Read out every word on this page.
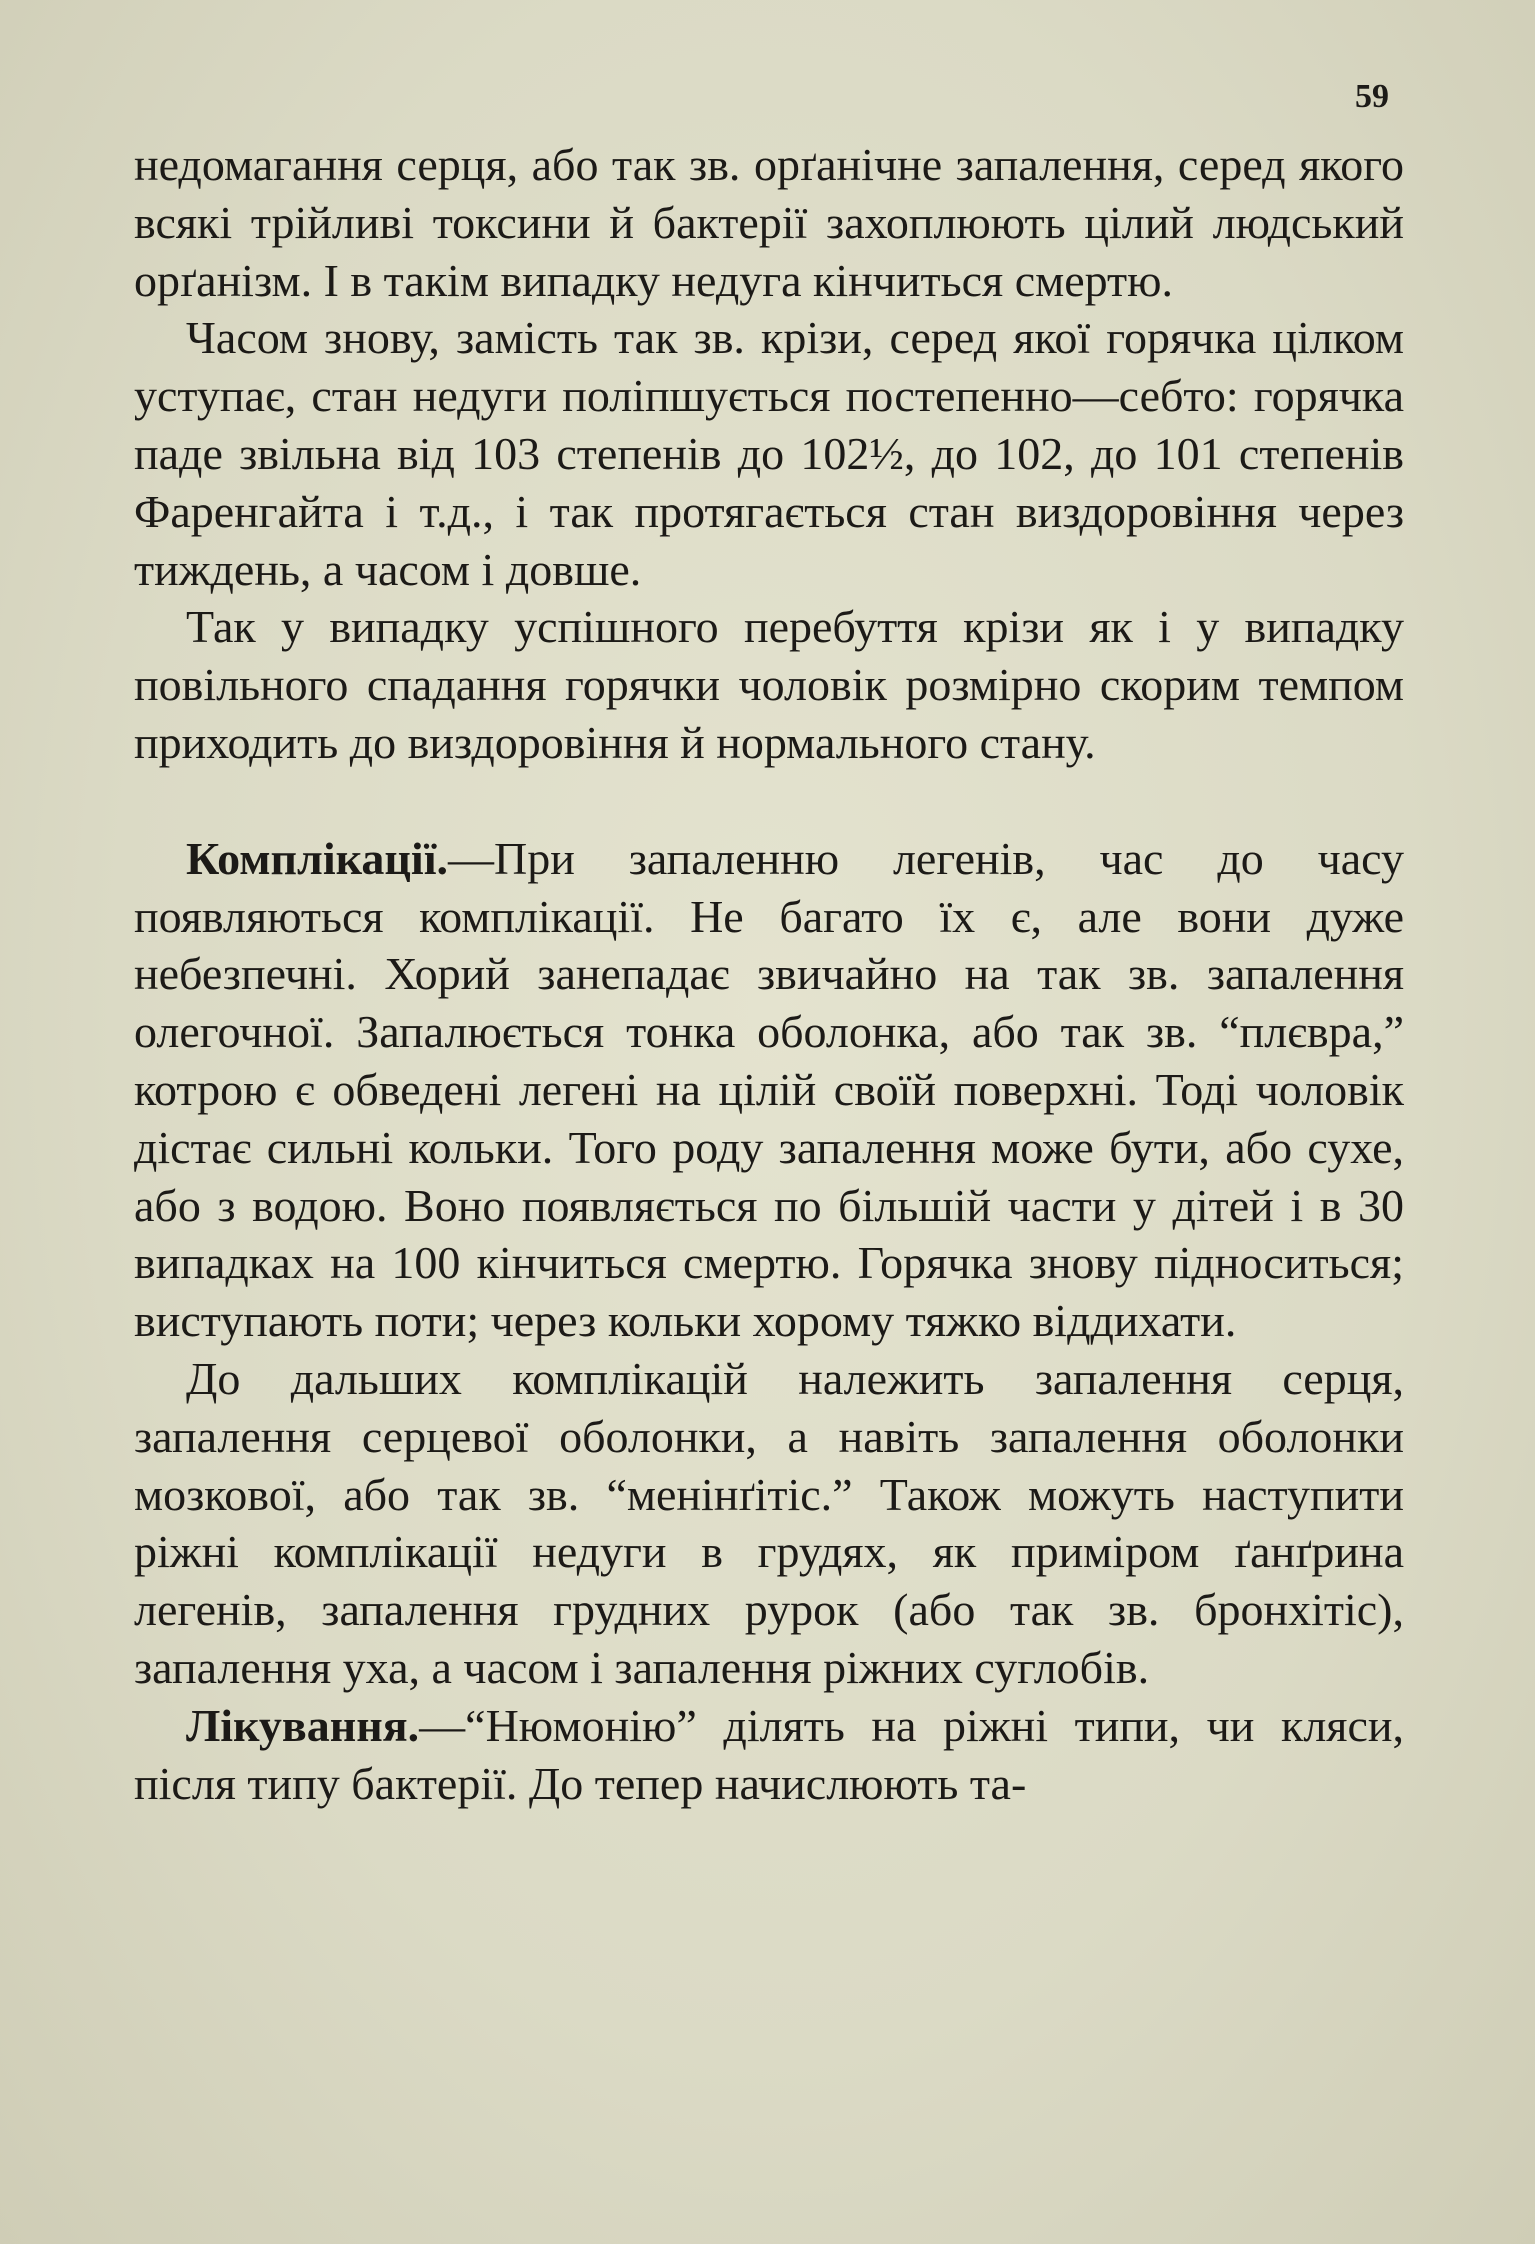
59

недомагання серця, або так зв. орґанічне запалення, серед якого всякі трійливі токсини й бактерії захоплюють цілий людський орґанізм. І в такім випадку недуга кінчиться смертю.

Часом знову, замість так зв. крізи, серед якої горячка цілком уступає, стан недуги поліпшується постепенно—себто: горячка паде звільна від 103 степенів до 102½, до 102, до 101 степенів Фаренгайта і т.д., і так протягається стан виздоровіння через тиждень, а часом і довше.

Так у випадку успішного перебуття крізи як і у випадку повільного спадання горячки чоловік розмірно скорим темпом приходить до виздоровіння й нормального стану.

Комплікації.—При запаленню легенів, час до часу появляються комплікації. Не багато їх є, але вони дуже небезпечні. Хорий занепадає звичайно на так зв. запалення олегочної. Запалюється тонка оболонка, або так зв. “плєвра,” котрою є обведені легені на цілій своїй поверхні. Тоді чоловік дістає сильні кольки. Того роду запалення може бути, або сухе, або з водою. Воно появляється по більшій части у дітей і в 30 випадках на 100 кінчиться смертю. Горячка знову підноситься; виступають поти; через кольки хорому тяжко віддихати.

До дальших комплікацій належить запалення серця, запалення серцевої оболонки, а навіть запалення оболонки мозкової, або так зв. “менінґітіс.” Також можуть наступити ріжні комплікації недуги в грудях, як приміром ґанґрина легенів, запалення грудних рурок (або так зв. бронхітіс), запалення уха, а часом і запалення ріжних суглобів.

Лікування.—“Нюмонію” ділять на ріжні типи, чи кляси, після типу бактерії. До тепер начислюють та-
